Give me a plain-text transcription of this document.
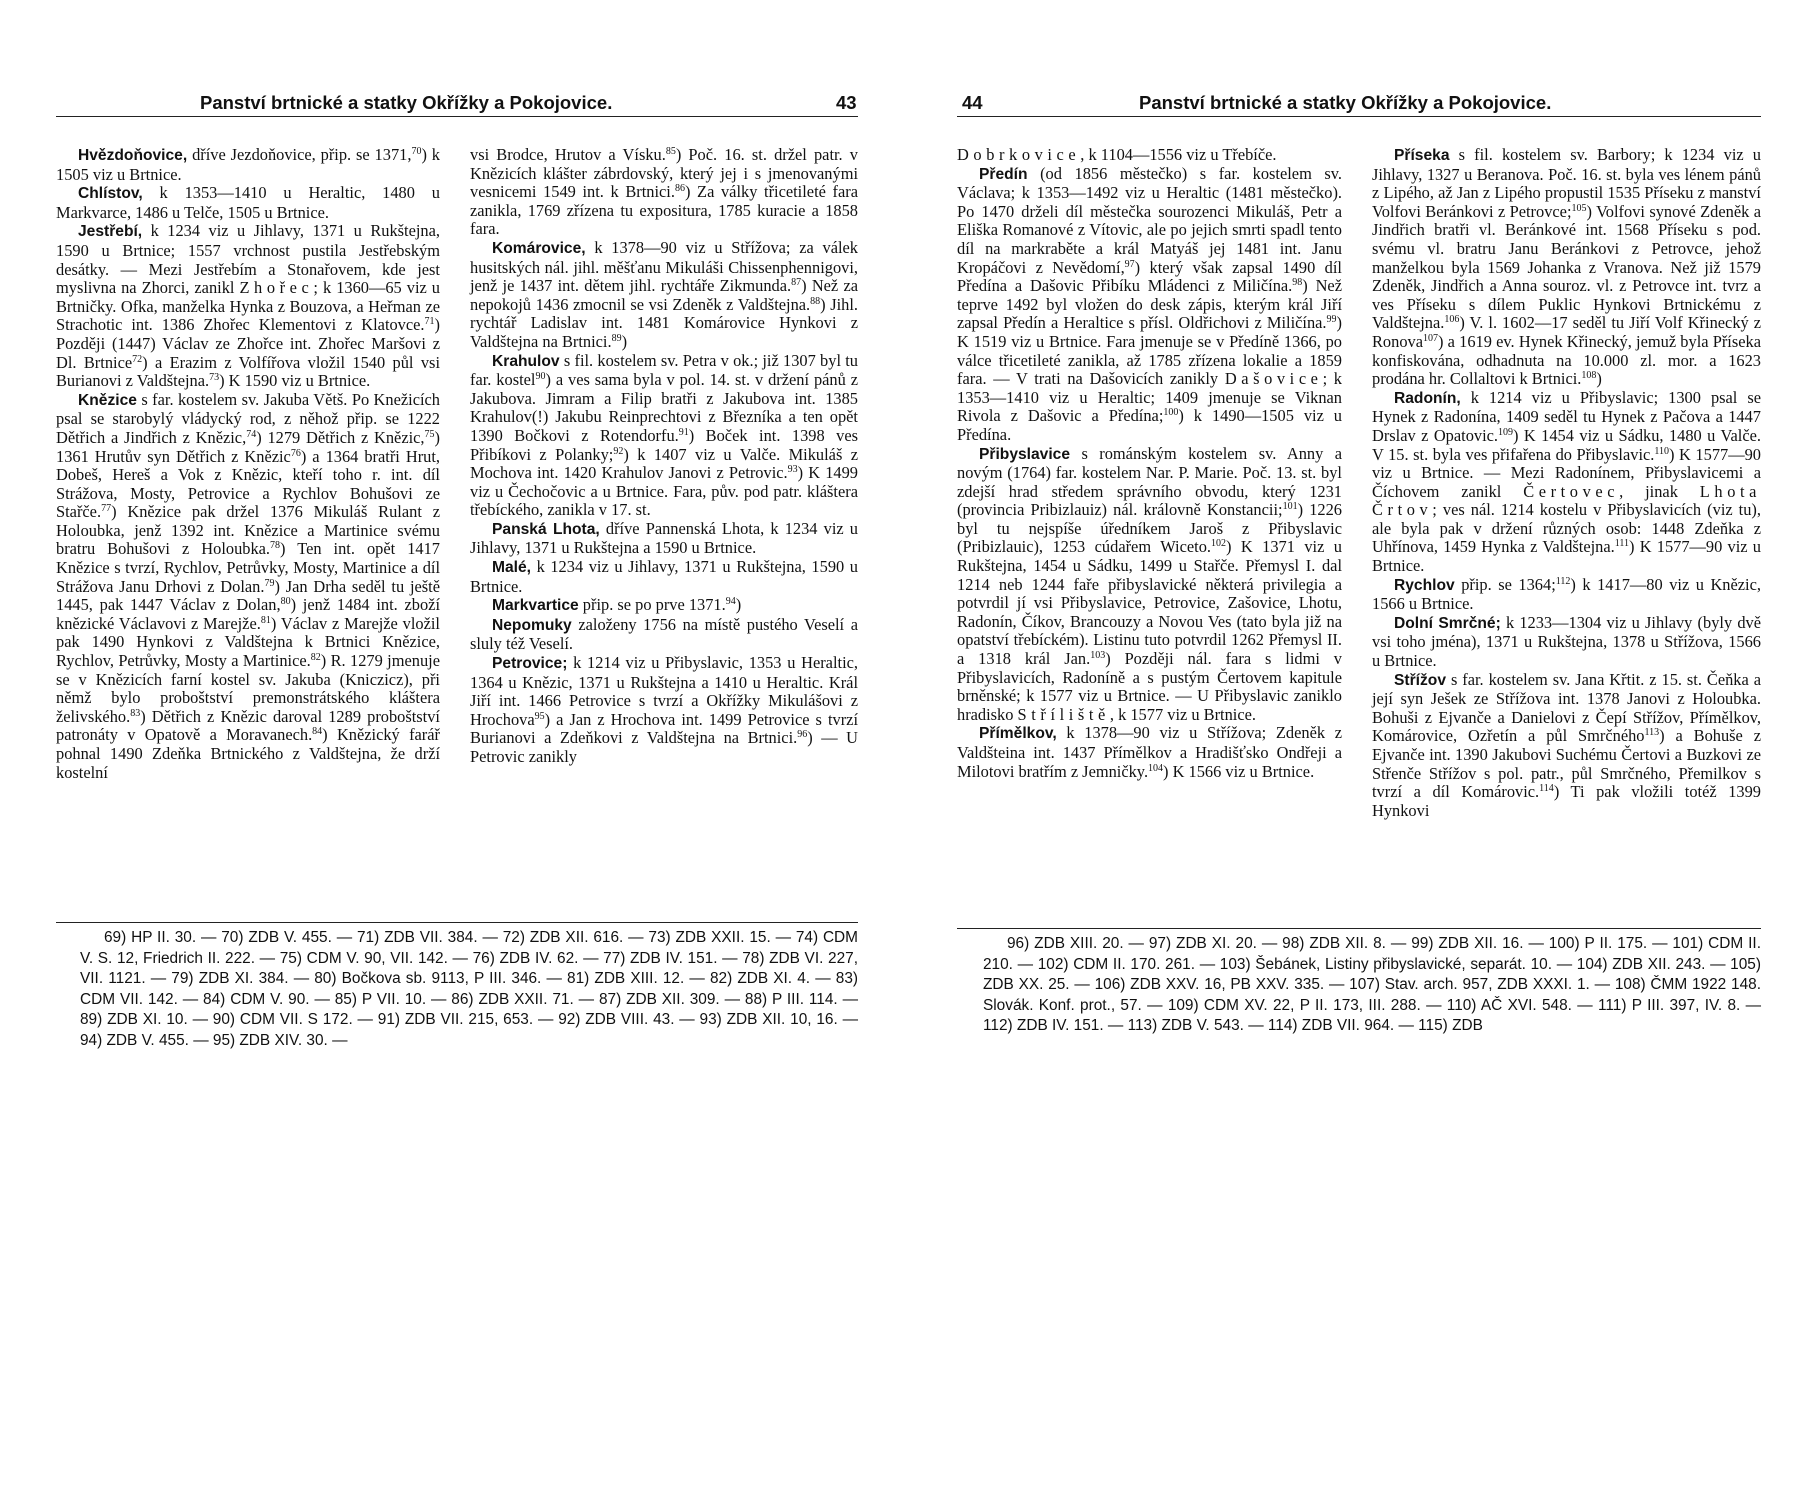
Panství brtnické a statky Okřížky a Pokojovice.	43

Hvězdoňovice, dříve Jezdoňovice, přip. se 1371,70) k 1505 viz u Brtnice.

Chlístov, k 1353—1410 u Heraltic, 1480 u Markvarce, 1486 u Telče, 1505 u Brtnice.

Jestřebí, k 1234 viz u Jihlavy, 1371 u Rukštejna, 1590 u Brtnice; 1557 vrchnost pustila Jestřebským desátky. — Mezi Jestřebím a Stonařovem, kde jest myslivna na Zhorci, zanikl Zhořec; k 1360—65 viz u Brtničky. Ofka, manželka Hynka z Bouzova, a Heřman ze Strachotic int. 1386 Zhořec Klementovi z Klatovce.$^{71}$) Později (1447) Václav ze Zhořce int. Zhořec Maršovi z Dl. Brtnice$^{72}$) a Erazim z Volfířova vložil 1540 půl vsi Burianovi z Valdštejna.$^{73}$) K 1590 viz u Brtnice.

Knězice s far. kostelem sv. Jakuba Větš. Po Knežicích psal se starobylý vládycký rod, z něhož přip. se 1222 Dětřich a Jindřich z Knězic,$^{74}$) 1279 Dětřich z Knězic,$^{75}$) 1361 Hrutův syn Dětřich z Knězic$^{76}$) a 1364 bratři Hrut, Dobeš, Hereš a Vok z Knězic, kteří toho r. int. díl Strážova, Mosty, Petrovice a Rychlov Bohušovi ze Stařče.$^{77}$) Knězice pak držel 1376 Mikuláš Rulant z Holoubka, jenž 1392 int. Knězice a Martinice svému bratru Bohušovi z Holoubka.$^{78}$) Ten int. opět 1417 Knězice s tvrzí, Rychlov, Petrůvky, Mosty, Martinice a díl Strážova Janu Drhovi z Dolan.$^{79}$) Jan Drha seděl tu ještě 1445, pak 1447 Václav z Dolan,$^{80}$) jenž 1484 int. zboží knězické Václavovi z Marejže.$^{81}$) Václav z Marejže vložil pak 1490 Hynkovi z Valdštejna k Brtnici Knězice, Rychlov, Petrůvky, Mosty a Martinice.$^{82}$) R. 1279 jmenuje se v Knězicích farní kostel sv. Jakuba (Kniczicz), při němž bylo proboštství premonstrátského kláštera želivského.$^{83}$) Dětřich z Knězic daroval 1289 proboštství patronáty v Opatově a Moravanech.$^{84}$) Knězický farář pohnal 1490 Zdeňka Brtnického z Valdštejna, že drží kostelní

vsi Brodce, Hrutov a Vísku.$^{85}$) Poč. 16. st. držel patr. v Knězicích klášter zábrdovský, který jej i s jmenovanými vesnicemi 1549 int. k Brtnici.$^{86}$) Za války třicetileté fara zanikla, 1769 zřízena tu expositura, 1785 kuracie a 1858 fara.

Komárovice, k 1378—90 viz u Střížova; za válek husitských nál. jihl. měšťanu Mikuláši Chissenphennigovi, jenž je 1437 int. dětem jihl. rychtáře Zikmunda.$^{87}$) Než za nepokojů 1436 zmocnil se vsi Zdeněk z Valdštejna.$^{88}$) Jihl. rychtář Ladislav int. 1481 Komárovice Hynkovi z Valdštejna na Brtnici.$^{89}$)

Krahulov s fil. kostelem sv. Petra v ok.; již 1307 byl tu far. kostel$^{90}$) a ves sama byla v pol. 14. st. v držení pánů z Jakubova. Jimram a Filip bratři z Jakubova int. 1385 Krahulov(!) Jakubu Reinprechtovi z Březníka a ten opět 1390 Bočkovi z Rotendorfu.$^{91}$) Boček int. 1398 ves Přibíkovi z Polanky;$^{92}$) k 1407 viz u Valče. Mikuláš z Mochova int. 1420 Krahulov Janovi z Petrovic.$^{93}$) K 1499 viz u Čechočovic a u Brtnice. Fara, pův. pod patr. kláštera třebíckého, zanikla v 17. st.

Panská Lhota, dříve Pannenská Lhota, k 1234 viz u Jihlavy, 1371 u Rukštejna a 1590 u Brtnice.

Malé, k 1234 viz u Jihlavy, 1371 u Rukštejna, 1590 u Brtnice.

Markvartice přip. se po prve 1371.94)

Nepomuky založeny 1756 na místě pustého Veselí a sluly též Veselí.

Petrovice; k 1214 viz u Přibyslavic, 1353 u Heraltic, 1364 u Knězic, 1371 u Rukštejna a 1410 u Heraltic. Král Jiří int. 1466 Petrovice s tvrzí a Okřížky Mikulášovi z Hrochova$^{95}$) a Jan z Hrochova int. 1499 Petrovice s tvrzí Burianovi a Zdeňkovi z Valdštejna na Brtnici.$^{96}$) — U Petrovic zanikly

69) HP II. 30. — 70) ZDB V. 455. — 71) ZDB VII. 384. — 72) ZDB XII. 616. — 73) ZDB XXII. 15. — 74) CDM V. S. 12, Friedrich II. 222. — 75) CDM V. 90, VII. 142. — 76) ZDB IV. 62. — 77) ZDB IV. 151. — 78) ZDB VI. 227, VII. 1121. — 79) ZDB XI. 384. — 80) Bočkova sb. 9113, P III. 346. — 81) ZDB XIII. 12. — 82) ZDB XI. 4. — 83) CDM VII. 142. — 84) CDM V. 90. — 85) P VII. 10. — 86) ZDB XXII. 71. — 87) ZDB XII. 309. — 88) P III. 114. — 89) ZDB XI. 10. — 90) CDM VII. S 172. — 91) ZDB VII. 215, 653. — 92) ZDB VIII. 43. — 93) ZDB XII. 10, 16. — 94) ZDB V. 455. — 95) ZDB XIV. 30. —

44	Panství brtnické a statky Okřížky a Pokojovice.

Dobrkovice, k 1104—1556 viz u Třebíče.

Předín (od 1856 městečko) s far. kostelem sv. Václava; k 1353—1492 viz u Heraltic (1481 městečko). Po 1470 drželi díl městečka sourozenci Mikuláš, Petr a Eliška Romanové z Vítovic, ale po jejich smrti spadl tento díl na markraběte a král Matyáš jej 1481 int. Janu Kropáčovi z Nevědomí,$^{97}$) který však zapsal 1490 díl Předína a Dašovic Přibíku Mládenci z Miličína.$^{98}$) Než teprve 1492 byl vložen do desk zápis, kterým král Jiří zapsal Předín a Heraltice s přísl. Oldřichovi z Miličína.$^{99}$) K 1519 viz u Brtnice. Fara jmenuje se v Předíně 1366, po válce třicetileté zanikla, až 1785 zřízena lokalie a 1859 fara. — V trati na Dašovicích zanikly Dašovice; k 1353—1410 viz u Heraltic; 1409 jmenuje se Viknan Rivola z Dašovic a Předína;$^{100}$) k 1490—1505 viz u Předína.

Přibyslavice s románským kostelem sv. Anny a novým (1764) far. kostelem Nar. P. Marie. Poč. 13. st. byl zdejší hrad středem správního obvodu, který 1231 (provincia Pribizlauiz) nál. královně Konstancii;$^{101}$) 1226 byl tu nejspíše úředníkem Jaroš z Přibyslavic (Pribizlauic), 1253 cúdařem Wiceto.$^{102}$) K 1371 viz u Rukštejna, 1454 u Sádku, 1499 u Stařče. Přemysl I. dal 1214 neb 1244 faře přibyslavické některá privilegia a potvrdil jí vsi Přibyslavice, Petrovice, Zašovice, Lhotu, Radonín, Číkov, Brancouzy a Novou Ves (tato byla již na opatství třebíckém). Listinu tuto potvrdil 1262 Přemysl II. a 1318 král Jan.$^{103}$) Později nál. fara s lidmi v Přibyslavicích, Radoníně a s pustým Čertovem kapitule brněnské; k 1577 viz u Brtnice. — U Přibyslavic zaniklo hradisko Stříliště, k 1577 viz u Brtnice.

Přímělkov, k 1378—90 viz u Střížova; Zdeněk z Valdšteina int. 1437 Přímělkov a Hradišťsko Ondřeji a Milotovi bratřím z Jemničky.$^{104}$) K 1566 viz u Brtnice.

Příseka s fil. kostelem sv. Barbory; k 1234 viz u Jihlavy, 1327 u Beranova. Poč. 16. st. byla ves lénem pánů z Lipého, až Jan z Lipého propustil 1535 Příseku z manství Volfovi Beránkovi z Petrovce;$^{105}$) Volfovi synové Zdeněk a Jindřich bratři vl. Beránkové int. 1568 Příseku s pod. svému vl. bratru Janu Beránkovi z Petrovce, jehož manželkou byla 1569 Johanka z Vranova. Než již 1579 Zdeněk, Jindřich a Anna souroz. vl. z Petrovce int. tvrz a ves Příseku s dílem Puklic Hynkovi Brtnickému z Valdštejna.$^{106}$) V. l. 1602—17 seděl tu Jiří Volf Křinecký z Ronova$^{107}$) a 1619 ev. Hynek Křinecký, jemuž byla Příseka konfiskována, odhadnuta na 10.000 zl. mor. a 1623 prodána hr. Collaltovi k Brtnici.$^{108}$)

Radonín, k 1214 viz u Přibyslavic; 1300 psal se Hynek z Radonína, 1409 seděl tu Hynek z Pačova a 1447 Drslav z Opatovic.$^{109}$) K 1454 viz u Sádku, 1480 u Valče. V 15. st. byla ves přifařena do Přibyslavic.$^{110}$) K 1577—90 viz u Brtnice. — Mezi Radonínem, Přibyslavicemi a Číchovem zanikl Čertovec, jinak Lhota Črtov; ves nál. 1214 kostelu v Přibyslavicích (viz tu), ale byla pak v držení různých osob: 1448 Zdeňka z Uhřínova, 1459 Hynka z Valdštejna.$^{111}$) K 1577—90 viz u Brtnice.

Rychlov přip. se 1364;$^{112}$) k 1417—80 viz u Knězic, 1566 u Brtnice.

Dolní Smrčné; k 1233—1304 viz u Jihlavy (byly dvě vsi toho jména), 1371 u Rukštejna, 1378 u Střížova, 1566 u Brtnice.

Střížov s far. kostelem sv. Jana Křtit. z 15. st. Čeňka a její syn Ješek ze Střížova int. 1378 Janovi z Holoubka. Bohuši z Ejvanče a Danielovi z Čepí Střížov, Přímělkov, Komárovice, Ozřetín a půl Smrčného$^{113}$) a Bohuše z Ejvanče int. 1390 Jakubovi Suchému Čertovi a Buzkovi ze Střenče Střížov s pol. patr., půl Smrčného, Přemilkov s tvrzí a díl Komárovic.$^{114}$) Ti pak vložili totéž 1399 Hynkovi

96) ZDB XIII. 20. — 97) ZDB XI. 20. — 98) ZDB XII. 8. — 99) ZDB XII. 16. — 100) P II. 175. — 101) CDM II. 210. — 102) CDM II. 170. 261. — 103) Šebánek, Listiny přibyslavické, separát. 10. — 104) ZDB XII. 243. — 105) ZDB XX. 25. — 106) ZDB XXV. 16, PB XXV. 335. — 107) Stav. arch. 957, ZDB XXXI. 1. — 108) ČMM 1922 148. Slovák. Konf. prot., 57. — 109) CDM XV. 22, P II. 173, III. 288. — 110) AČ XVI. 548. — 111) P III. 397, IV. 8. — 112) ZDB IV. 151. — 113) ZDB V. 543. — 114) ZDB VII. 964. — 115) ZDB
